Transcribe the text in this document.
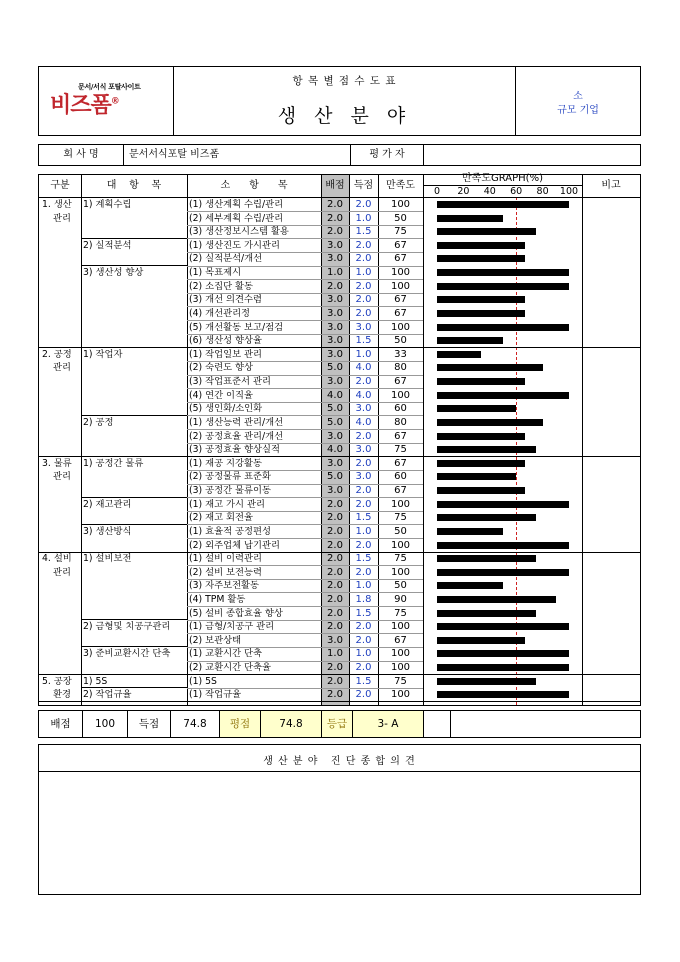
항 목 별 점 수 도 표
생 산 분 야
소
규모 기업
문서/서식 포탈사이트
비즈폼®
회 사 명	문서서식포탈 비즈폼	평 가 자
구분	대    항    목	소      항      목	배점 득점	만족도
만족도GRAPH(%)
비고
0	20	40	60	80	100
1. 생산
관리
1) 계획수립	(1) 생산계획 수립/관리	2.0	2.0	100
(2) 세부계획 수립/관리	2.0	1.0	50
(3) 생산정보시스템 활용	2.0	1.5	75
2) 실적분석	(1) 생산진도 가시관리	3.0	2.0	67
(2) 실적분석/개선	3.0	2.0	67
3) 생산성 향상	(1) 목표제시	1.0	1.0	100
(2) 소집단 활동	2.0	2.0	100
(3) 개선 의견수렴	3.0	2.0	67
(4) 개선관리정	3.0	2.0	67
(5) 개선활동 보고/점검	3.0	3.0	100
(6) 생산성 향상율	3.0	1.5	50
2. 공정
관리
1) 작업자	(1) 작업일보 관리	3.0	1.0	33
(2) 숙련도 향상	5.0	4.0	80
(3) 작업표준서 관리	3.0	2.0	67
(4) 연간 이직율	4.0	4.0	100
(5) 생인화/소인화	5.0	3.0	60
2) 공정	(1) 생산능력 관리/개선	5.0	4.0	80
(2) 공정효율 관리/개선	3.0	2.0	67
(3) 공정효율 향상실적	4.0	3.0	75
3. 물류
관리
1) 공정간 물류	(1) 재공 지강활동	3.0	2.0	67
(2) 공정물류 표준화	5.0	3.0	60
(3) 공정간 물류이동	3.0	2.0	67
2) 재고관리	(1) 재고 가시 관리	2.0	2.0	100
(2) 재고 회전율	2.0	1.5	75
3) 생산방식	(1) 효율적 공정편성	2.0	1.0	50
(2) 외주업체 납기관리	2.0	2.0	100
4. 설비
관리
1) 설비보전	(1) 설비 이력관리	2.0	1.5	75
(2) 설비 보전능력	2.0	2.0	100
(3) 자주보전활동	2.0	1.0	50
(4) TPM 활동	2.0	1.8	90
(5) 설비 종합효율 향상	2.0	1.5	75
2) 금형및 치공구관리 (1) 금형/치공구 관리	2.0	2.0	100
(2) 보관상태	3.0	2.0	67
3) 준비교환시간 단축 (1) 교환시간 단축	1.0	1.0	100
(2) 교환시간 단축율	2.0	2.0	100
5. 공장
환경
1) 5S	(1) 5S	2.0	1.5	75
2) 작업규율	(1) 작업규율	2.0	2.0	100
배점	100	득점	74.8	평점	74.8	등급	3- A
생 산 분 야   진 단 종 합 의 견
